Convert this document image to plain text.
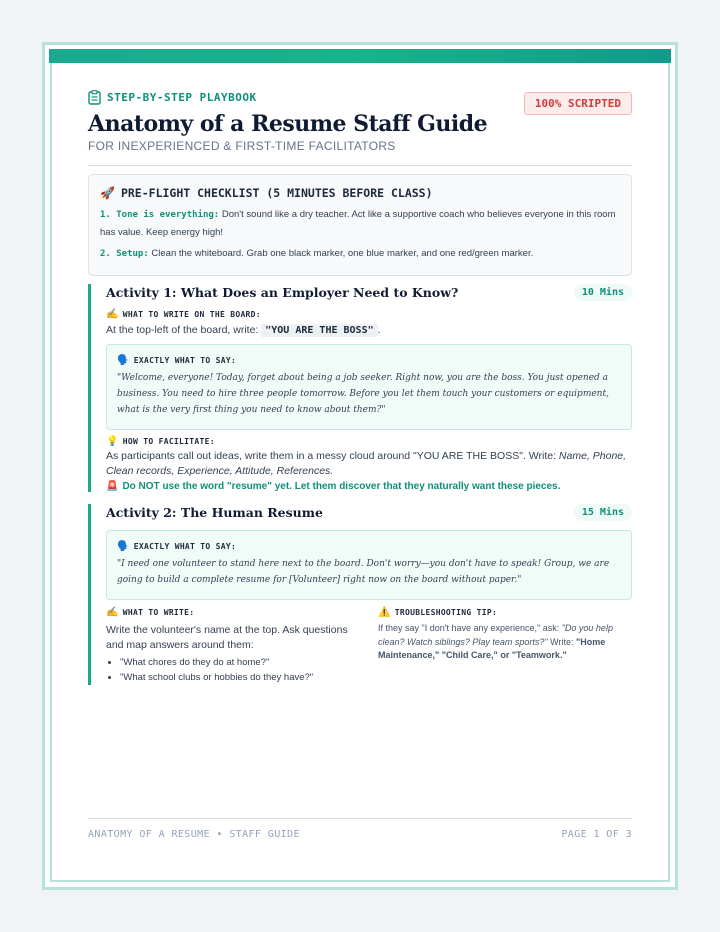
STEP-BY-STEP PLAYBOOK	100% SCRIPTED
Anatomy of a Resume Staff Guide
FOR INEXPERIENCED & FIRST-TIME FACILITATORS
🚀 PRE-FLIGHT CHECKLIST (5 MINUTES BEFORE CLASS)
1. Tone is everything: Don't sound like a dry teacher. Act like a supportive coach who believes everyone in this room has value. Keep energy high!
2. Setup: Clean the whiteboard. Grab one black marker, one blue marker, and one red/green marker.
Activity 1: What Does an Employer Need to Know?	10 Mins
✍️ WHAT TO WRITE ON THE BOARD:
At the top-left of the board, write: "YOU ARE THE BOSS" .
🗣️ EXACTLY WHAT TO SAY:
"Welcome, everyone! Today, forget about being a job seeker. Right now, you are the boss. You just opened a business. You need to hire three people tomorrow. Before you let them touch your customers or equipment, what is the very first thing you need to know about them?"
💡 HOW TO FACILITATE:
As participants call out ideas, write them in a messy cloud around "YOU ARE THE BOSS". Write: Name, Phone, Clean records, Experience, Attitude, References.
🚨 Do NOT use the word "resume" yet. Let them discover that they naturally want these pieces.
Activity 2: The Human Resume	15 Mins
🗣️ EXACTLY WHAT TO SAY:
"I need one volunteer to stand here next to the board. Don't worry—you don't have to speak! Group, we are going to build a complete resume for [Volunteer] right now on the board without paper."
✍️ WHAT TO WRITE:
Write the volunteer's name at the top. Ask questions and map answers around them:
• "What chores do they do at home?"
• "What school clubs or hobbies do they have?"
⚠️ TROUBLESHOOTING TIP:
If they say "I don't have any experience," ask: "Do you help clean? Watch siblings? Play team sports?" Write: "Home Maintenance," "Child Care," or "Teamwork."
ANATOMY OF A RESUME • STAFF GUIDE	PAGE 1 OF 3
